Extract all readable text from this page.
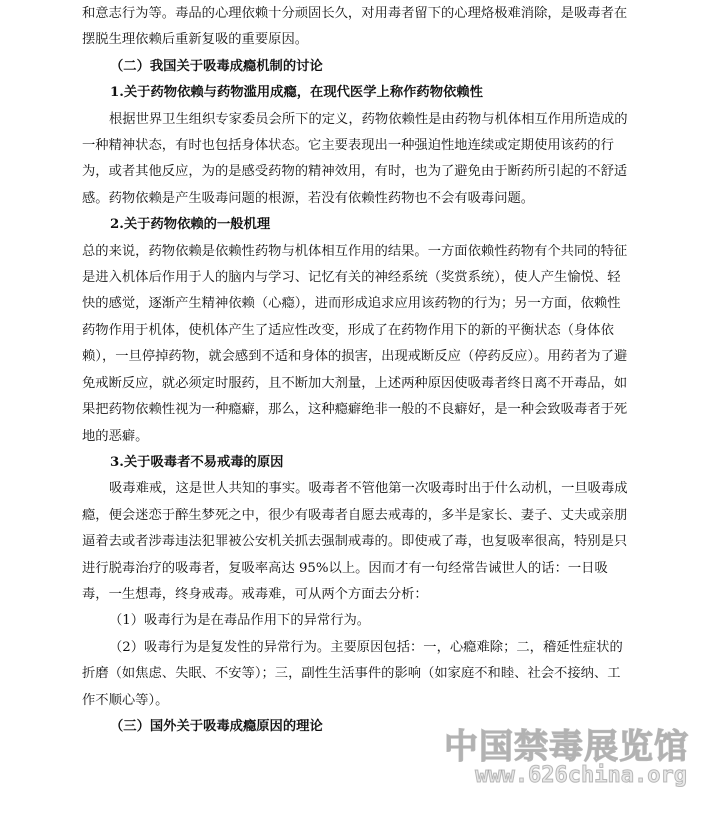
和意志行为等。毒品的心理依赖十分顽固长久，对用毒者留下的心理烙极难消除，是吸毒者在摆脱生理依赖后重新复吸的重要原因。

（二）我国关于吸毒成瘾机制的讨论

1.关于药物依赖与药物滥用成瘾，在现代医学上称作药物依赖性

根据世界卫生组织专家委员会所下的定义，药物依赖性是由药物与机体相互作用所造成的一种精神状态，有时也包括身体状态。它主要表现出一种强迫性地连续或定期使用该药的行为，或者其他反应，为的是感受药物的精神效用，有时，也为了避免由于断药所引起的不舒适感。药物依赖是产生吸毒问题的根源，若没有依赖性药物也不会有吸毒问题。

2.关于药物依赖的一般机理

总的来说，药物依赖是依赖性药物与机体相互作用的结果。一方面依赖性药物有个共同的特征是进入机体后作用于人的脑内与学习、记忆有关的神经系统（奖赏系统），使人产生愉悦、轻快的感觉，逐渐产生精神依赖（心瘾），进而形成追求应用该药物的行为；另一方面，依赖性药物作用于机体，使机体产生了适应性改变，形成了在药物作用下的新的平衡状态（身体依赖），一旦停掉药物，就会感到不适和身体的损害，出现戒断反应（停药反应）。用药者为了避免戒断反应，就必须定时服药，且不断加大剂量，上述两种原因使吸毒者终日离不开毒品，如果把药物依赖性视为一种瘾癖，那么，这种瘾癖绝非一般的不良癖好，是一种会致吸毒者于死地的恶癖。

3.关于吸毒者不易戒毒的原因

吸毒难戒，这是世人共知的事实。吸毒者不管他第一次吸毒时出于什么动机，一旦吸毒成瘾，便会迷恋于醉生梦死之中，很少有吸毒者自愿去戒毒的，多半是家长、妻子、丈夫或亲朋逼着去或者涉毒违法犯罪被公安机关抓去强制戒毒的。即使戒了毒，也复吸率很高，特别是只进行脱毒治疗的吸毒者，复吸率高达 95%以上。因而才有一句经常告诫世人的话：一日吸毒，一生想毒，终身戒毒。戒毒难，可从两个方面去分析：

（1）吸毒行为是在毒品作用下的异常行为。

（2）吸毒行为是复发性的异常行为。主要原因包括：一，心瘾难除；二，稽延性症状的折磨（如焦虑、失眠、不安等）；三，副性生活事件的影响（如家庭不和睦、社会不接纳、工作不顺心等）。

（三）国外关于吸毒成瘾原因的理论

中国禁毒展览馆
www.626china.org
